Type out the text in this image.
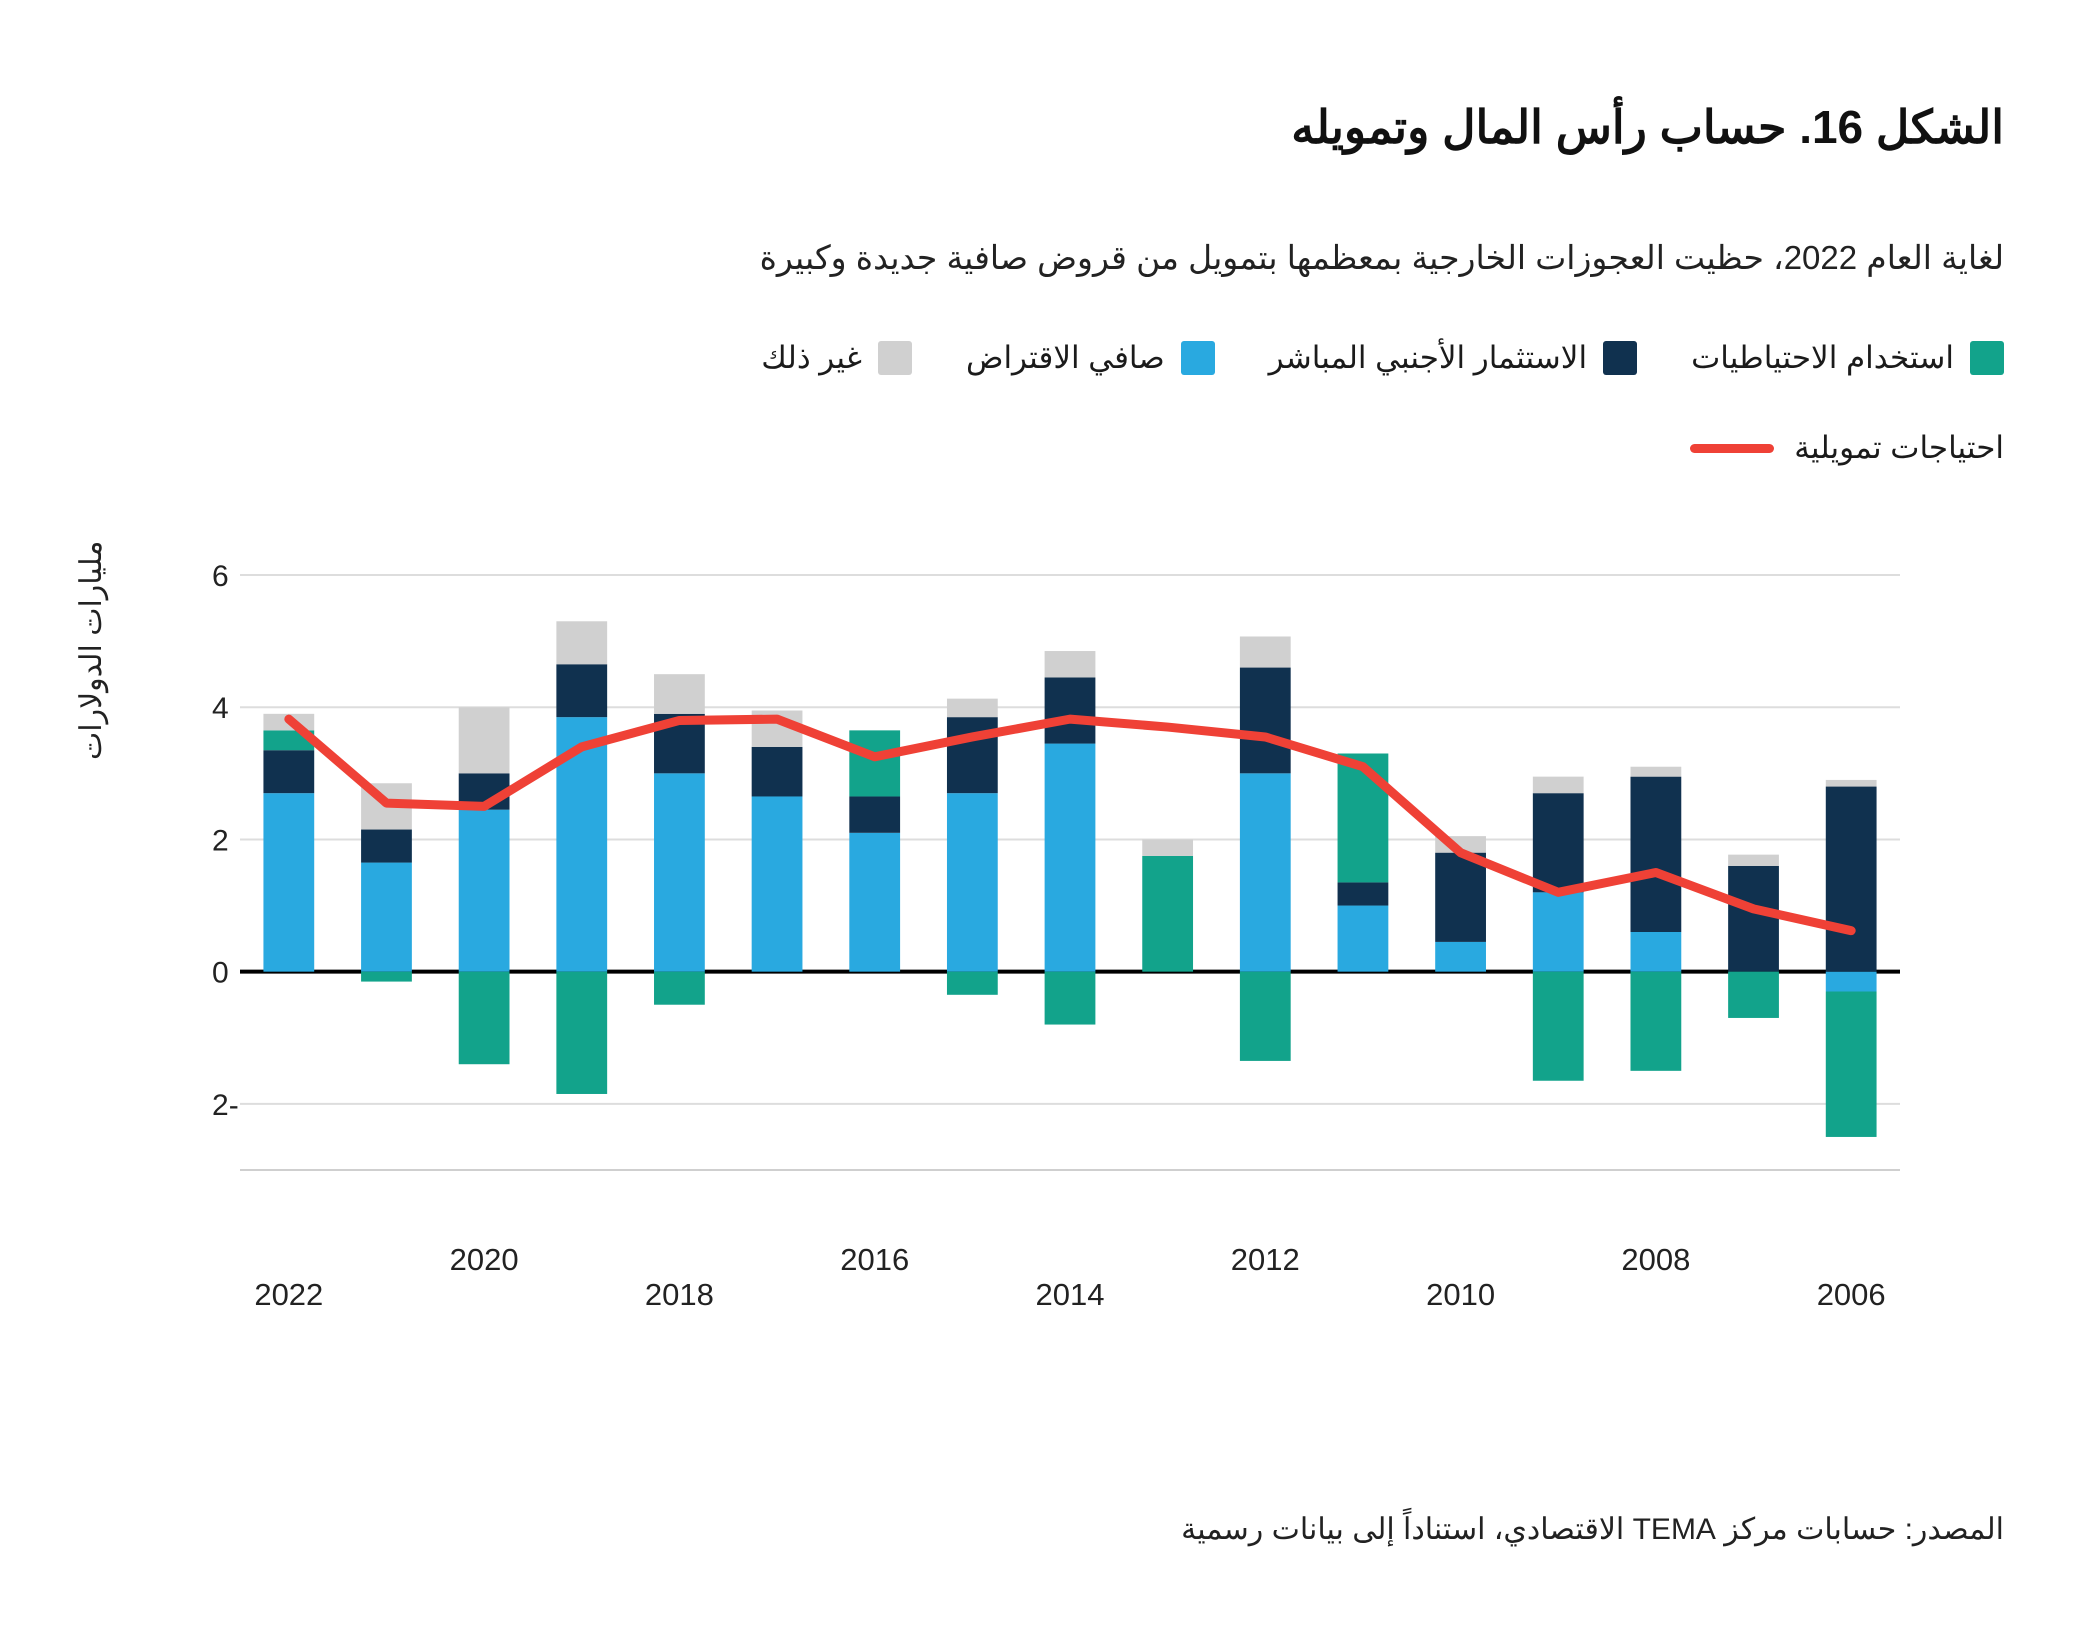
الشكل 16. حساب رأس المال وتمويله
لغاية العام 2022، حظيت العجوزات الخارجية بمعظمها بتمويل من قروض صافية جديدة وكبيرة
استخدام الاحتياطيات
الاستثمار الأجنبي المباشر
صافي الاقتراض
غير ذلك
احتياجات تمويلية
مليارات الدولارات
-2
0
2
4
6
2006
2008
2010
2012
2014
2016
2018
2020
2022
المصدر: حسابات مركز TEMA الاقتصادي، استناداً إلى بيانات رسمية
